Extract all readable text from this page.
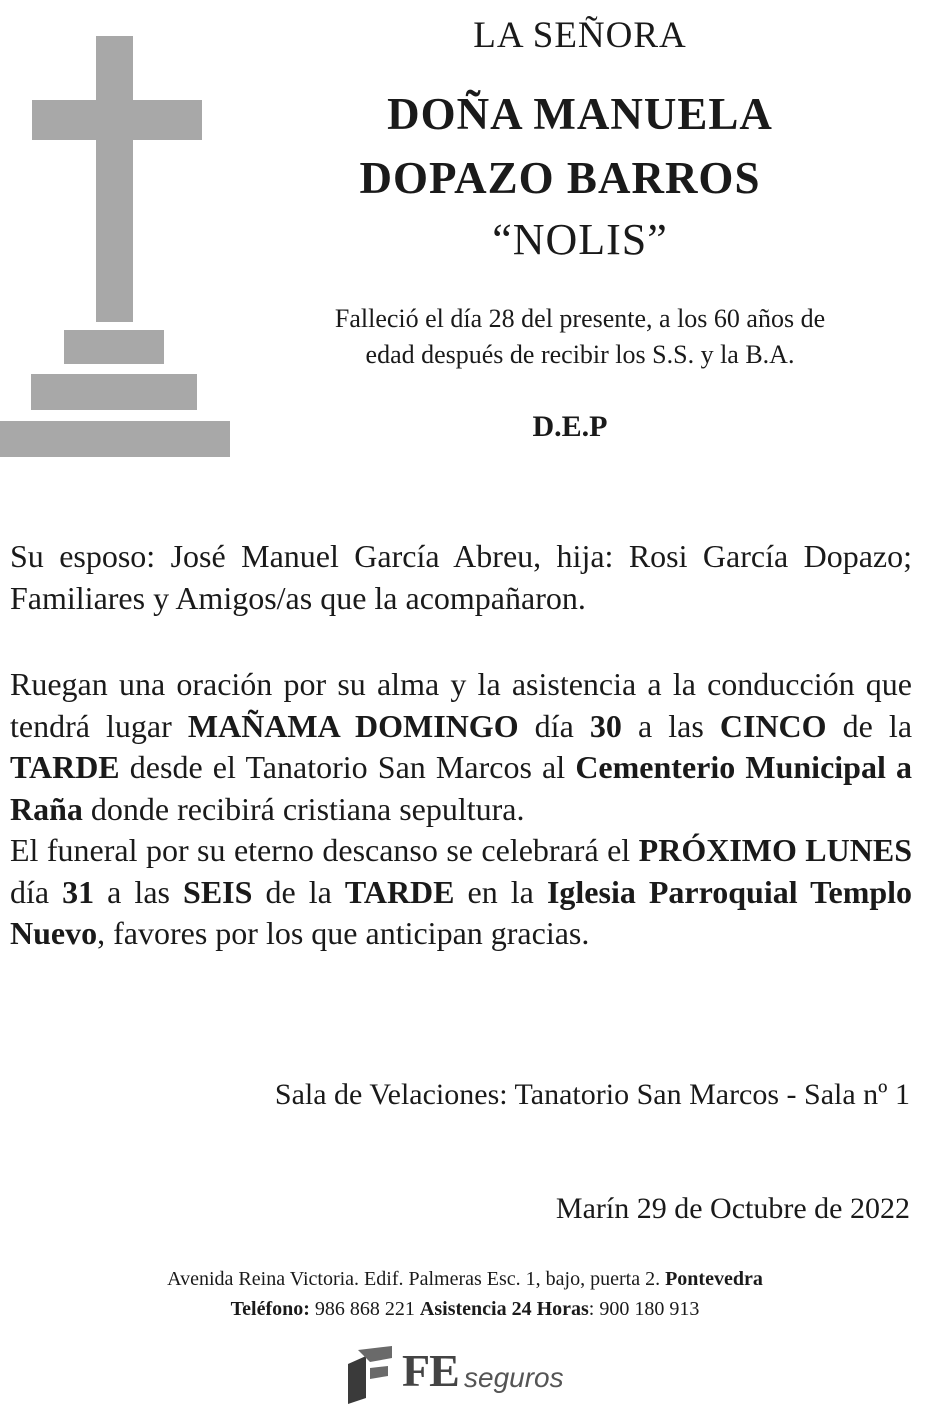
LA SEÑORA
DOÑA MANUELA
DOPAZO BARROS
“NOLIS”
Falleció el día 28 del presente, a los 60 años de
edad después de recibir los S.S. y la B.A.
D.E.P
Su esposo: José Manuel García Abreu, hija: Rosi García Dopazo; Familiares y Amigos/as que la acompañaron.
Ruegan una oración por su alma y la asistencia a la conducción que tendrá lugar MAÑAMA DOMINGO día 30 a las CINCO de la TARDE desde el Tanatorio San Marcos al Cementerio Municipal a Raña donde recibirá cristiana sepultura.
El funeral por su eterno descanso se celebrará el PRÓXIMO LUNES día 31 a las SEIS de la TARDE en la Iglesia Parroquial Templo Nuevo, favores por los que anticipan gracias.
Sala de Velaciones: Tanatorio San Marcos - Sala nº 1
Marín 29 de Octubre de 2022
Avenida Reina Victoria. Edif. Palmeras Esc. 1, bajo, puerta 2. Pontevedra
Teléfono: 986 868 221 Asistencia 24 Horas: 900 180 913
FE seguros
